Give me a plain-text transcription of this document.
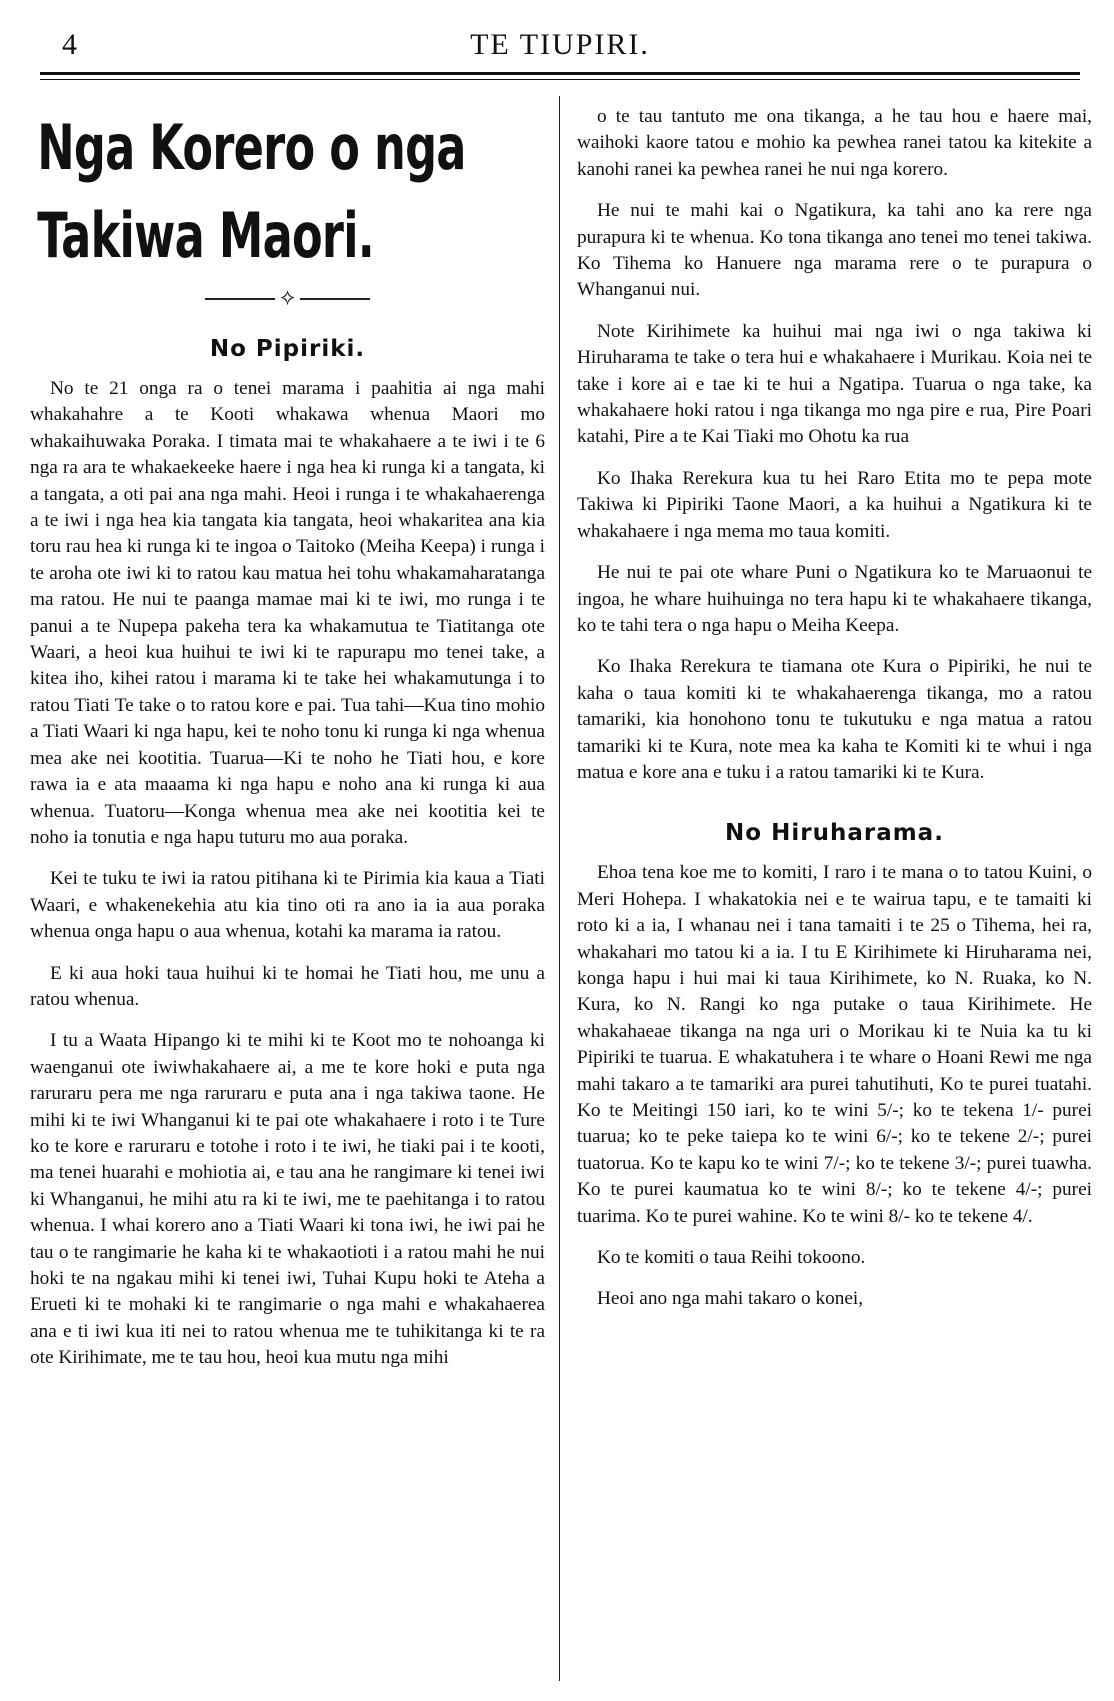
4	TE TIUPIRI.
Nga Korero o nga Takiwa Maori.
⟡
No Pipiriki.

No te 21 onga ra o tenei marama i paahitia ai nga mahi whakahahre a te Kooti whakawa whenua Maori mo whakaihuwaka Poraka. I timata mai te whakahaere a te iwi i te 6 nga ra ara te whakaekeeke haere i nga hea ki runga ki a tangata, ki a tangata, a oti pai ana nga mahi. Heoi i runga i te whakahaerenga a te iwi i nga hea kia tangata kia tangata, heoi whakaritea ana kia toru rau hea ki runga ki te ingoa o Taitoko (Meiha Keepa) i runga i te aroha ote iwi ki to ratou kau matua hei tohu whakamaharatanga ma ratou. He nui te paanga mamae mai ki te iwi, mo runga i te panui a te Nupepa pakeha tera ka whakamutua te Tiatitanga ote Waari, a heoi kua huihui te iwi ki te rapurapu mo tenei take, a kitea iho, kihei ratou i marama ki te take hei whakamutunga i to ratou Tiati Te take o to ratou kore e pai. Tua tahi—Kua tino mohio a Tiati Waari ki nga hapu, kei te noho tonu ki runga ki nga whenua mea ake nei kootitia. Tuarua—Ki te noho he Tiati hou, e kore rawa ia e ata maaama ki nga hapu e noho ana ki runga ki aua whenua. Tuatoru—Konga whenua mea ake nei kootitia kei te noho ia tonutia e nga hapu tuturu mo aua poraka.

Kei te tuku te iwi ia ratou pitihana ki te Pirimia kia kaua a Tiati Waari, e whakenekehia atu kia tino oti ra ano ia ia aua poraka whenua onga hapu o aua whenua, kotahi ka marama ia ratou.

E ki aua hoki taua huihui ki te homai he Tiati hou, me unu a ratou whenua.

I tu a Waata Hipango ki te mihi ki te Koot mo te nohoanga ki waenganui ote iwiwhakahaere ai, a me te kore hoki e puta nga raruraru pera me nga raruraru e puta ana i nga takiwa taone. He mihi ki te iwi Whanganui ki te pai ote whakahaere i roto i te Ture ko te kore e raruraru e totohe i roto i te iwi, he tiaki pai i te kooti, ma tenei huarahi e mohiotia ai, e tau ana he rangimare ki tenei iwi ki Whanganui, he mihi atu ra ki te iwi, me te paehitanga i to ratou whenua. I whai korero ano a Tiati Waari ki tona iwi, he iwi pai he tau o te rangimarie he kaha ki te whakaotioti i a ratou mahi he nui hoki te na ngakau mihi ki tenei iwi, Tuhai Kupu hoki te Ateha a Erueti ki te mohaki ki te rangimarie o nga mahi e whakahaerea ana e ti iwi kua iti nei to ratou whenua me te tuhikitanga ki te ra ote Kirihimate, me te tau hou, heoi kua mutu nga mihi

o te tau tantuto me ona tikanga, a he tau hou e haere mai, waihoki kaore tatou e mohio ka pewhea ranei tatou ka kitekite a kanohi ranei ka pewhea ranei he nui nga korero.

He nui te mahi kai o Ngatikura, ka tahi ano ka rere nga purapura ki te whenua. Ko tona tikanga ano tenei mo tenei takiwa. Ko Tihema ko Hanuere nga marama rere o te purapura o Whanganui nui.

Note Kirihimete ka huihui mai nga iwi o nga takiwa ki Hiruharama te take o tera hui e whakahaere i Murikau. Koia nei te take i kore ai e tae ki te hui a Ngatipa. Tuarua o nga take, ka whakahaere hoki ratou i nga tikanga mo nga pire e rua, Pire Poari katahi, Pire a te Kai Tiaki mo Ohotu ka rua

Ko Ihaka Rerekura kua tu hei Raro Etita mo te pepa mote Takiwa ki Pipiriki Taone Maori, a ka huihui a Ngatikura ki te whakahaere i nga mema mo taua komiti.

He nui te pai ote whare Puni o Ngatikura ko te Maruaonui te ingoa, he whare huihuinga no tera hapu ki te whakahaere tikanga, ko te tahi tera o nga hapu o Meiha Keepa.

Ko Ihaka Rerekura te tiamana ote Kura o Pipiriki, he nui te kaha o taua komiti ki te whakahaerenga tikanga, mo a ratou tamariki, kia honohono tonu te tukutuku e nga matua a ratou tamariki ki te Kura, note mea ka kaha te Komiti ki te whui i nga matua e kore ana e tuku i a ratou tamariki ki te Kura.

No Hiruharama.

Ehoa tena koe me to komiti, I raro i te mana o to tatou Kuini, o Meri Hohepa. I whakatokia nei e te wairua tapu, e te tamaiti ki roto ki a ia, I whanau nei i tana tamaiti i te 25 o Tihema, hei ra, whakahari mo tatou ki a ia. I tu E Kirihimete ki Hiruharama nei, konga hapu i hui mai ki taua Kirihimete, ko N. Ruaka, ko N. Kura, ko N. Rangi ko nga putake o taua Kirihimete. He whakahaeae tikanga na nga uri o Morikau ki te Nuia ka tu ki Pipiriki te tuarua. E whakatuhera i te whare o Hoani Rewi me nga mahi takaro a te tamariki ara purei tahutihuti, Ko te purei tuatahi. Ko te Meitingi 150 iari, ko te wini 5/-; ko te tekena 1/- purei tuarua; ko te peke taiepa ko te wini 6/-; ko te tekene 2/-; purei tuatorua. Ko te kapu ko te wini 7/-; ko te tekene 3/-; purei tuawha. Ko te purei kaumatua ko te wini 8/-; ko te tekene 4/-; purei tuarima. Ko te purei wahine. Ko te wini 8/- ko te tekene 4/.

Ko te komiti o taua Reihi tokoono.

Heoi ano nga mahi takaro o konei,
